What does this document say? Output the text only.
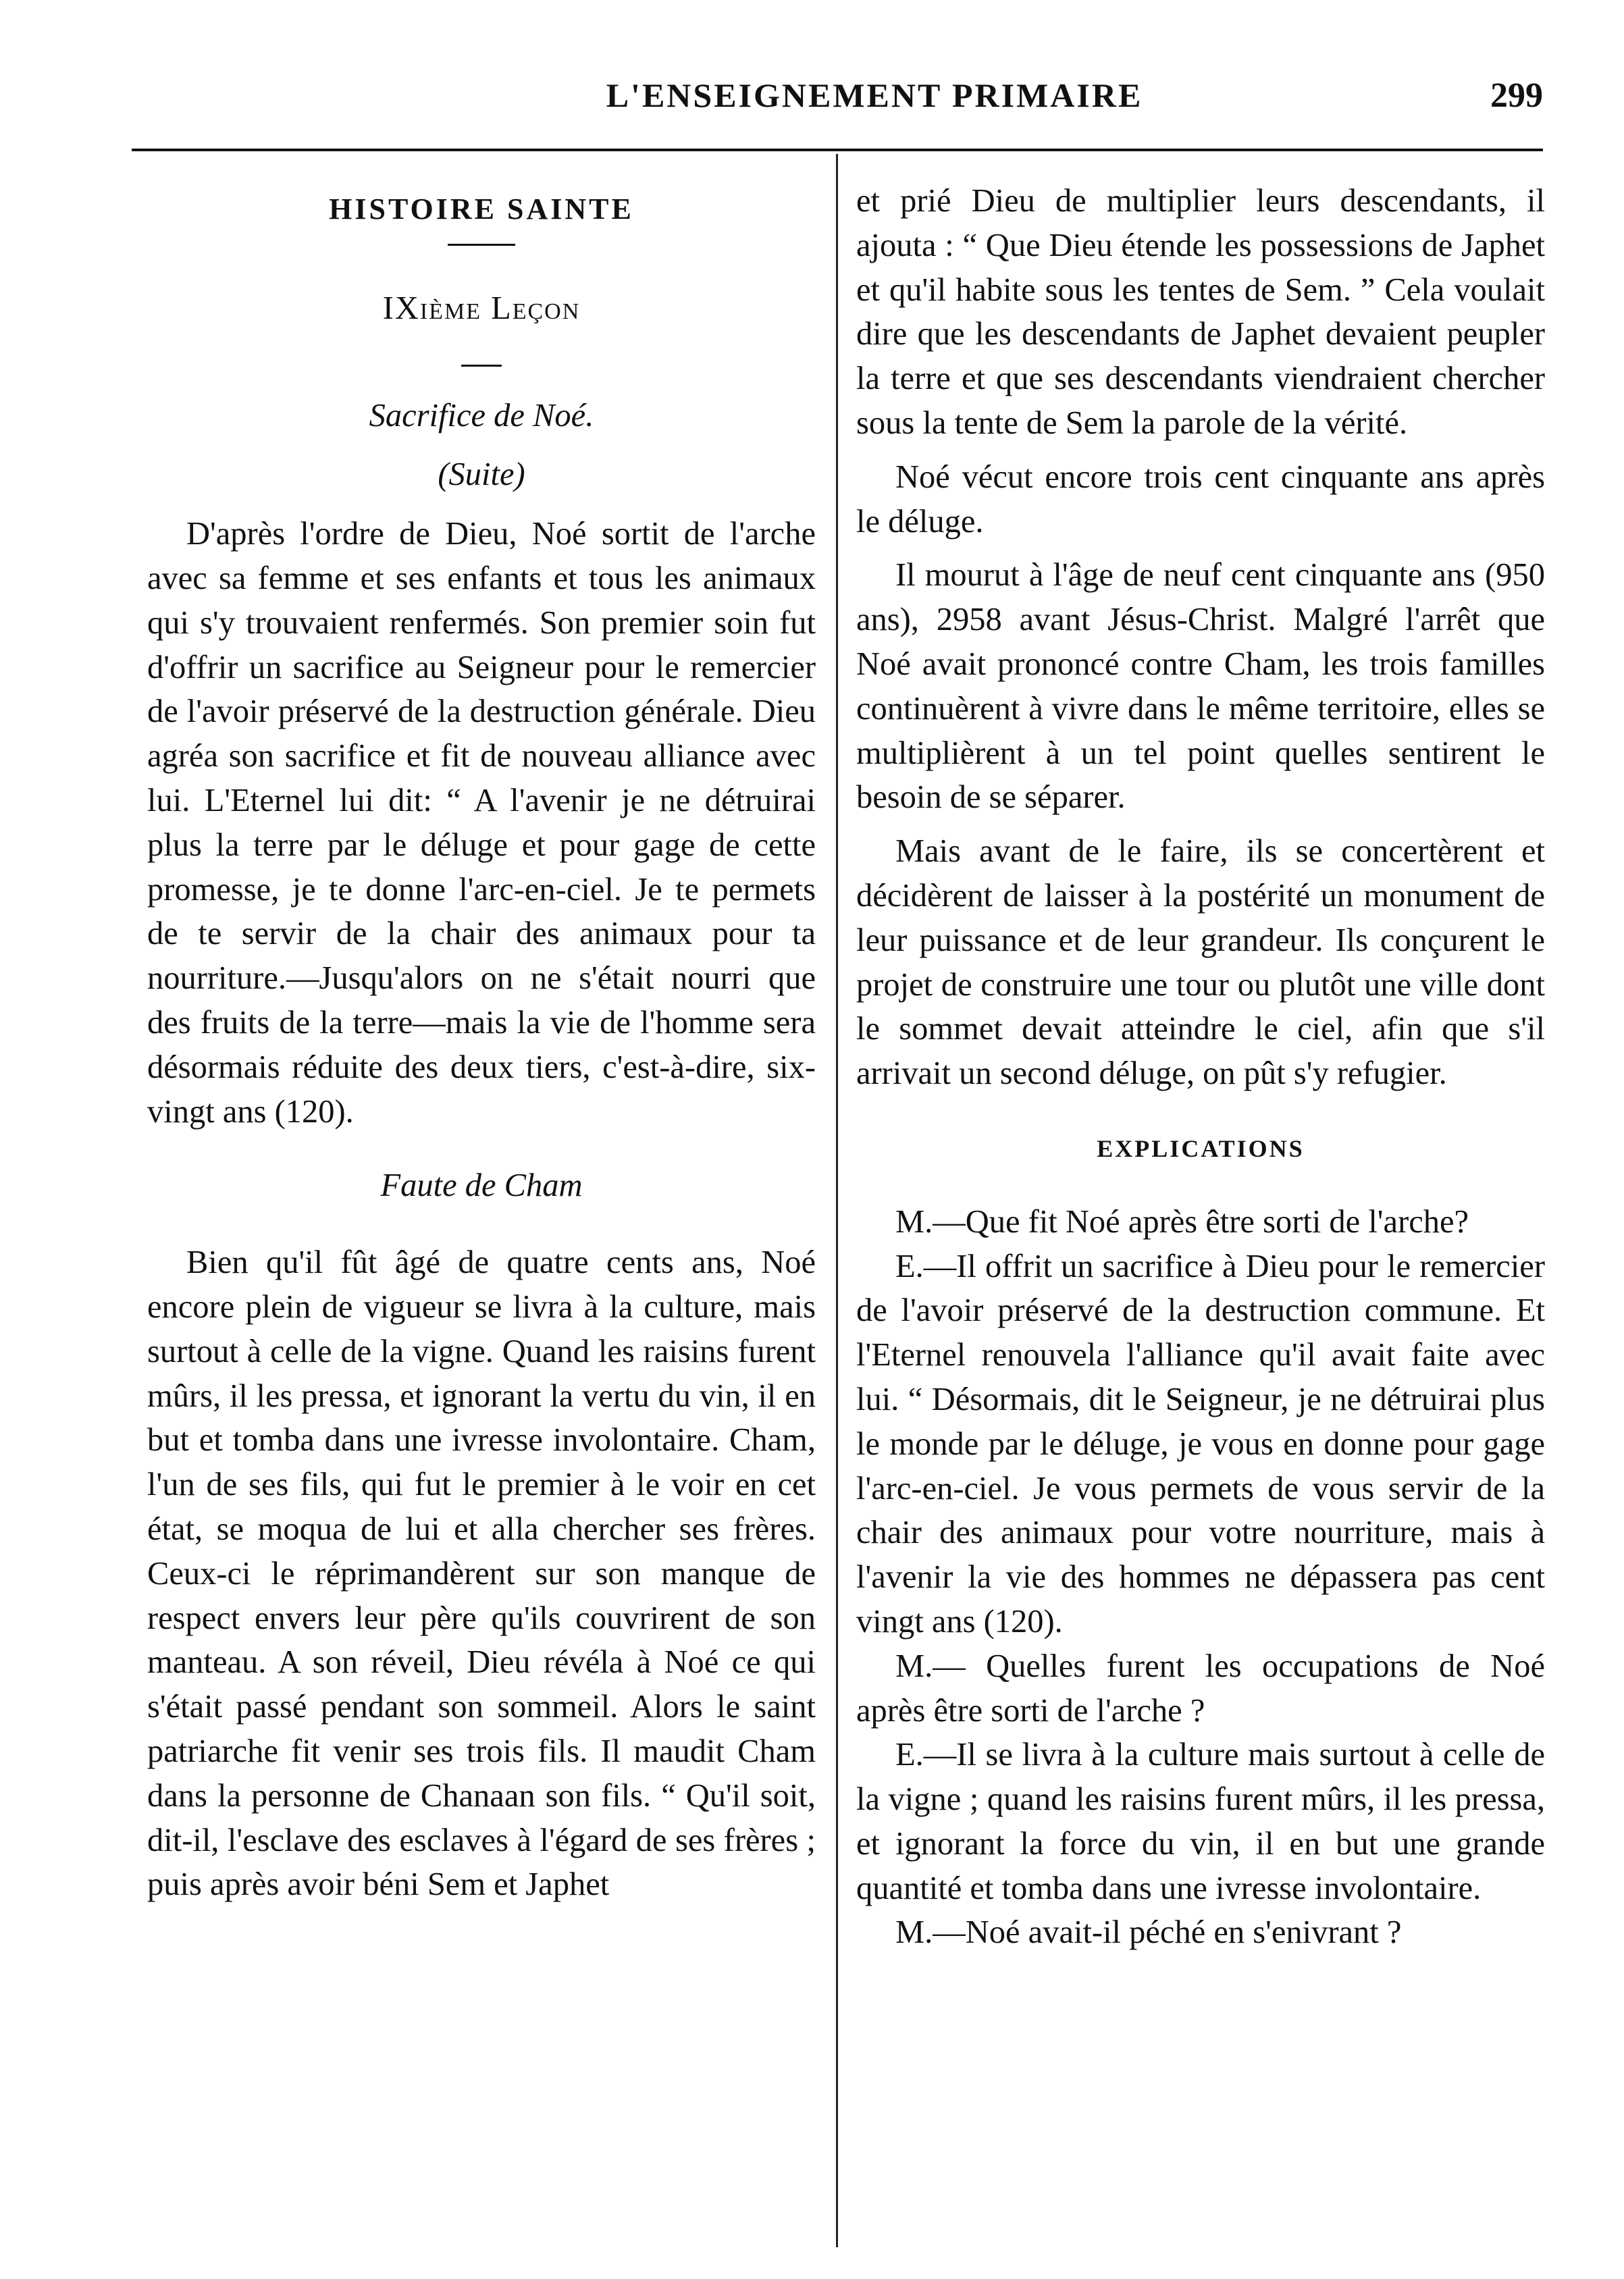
L'ENSEIGNEMENT PRIMAIRE	299

HISTOIRE SAINTE

IXième Leçon

Sacrifice de Noé.

(Suite)

D'après l'ordre de Dieu, Noé sortit de l'arche avec sa femme et ses enfants et tous les animaux qui s'y trouvaient renfermés. Son premier soin fut d'offrir un sacrifice au Seigneur pour le remercier de l'avoir préservé de la destruction générale. Dieu agréa son sacrifice et fit de nouveau alliance avec lui. L'Eternel lui dit: “ A l'avenir je ne détruirai plus la terre par le déluge et pour gage de cette promesse, je te donne l'arc-en-ciel. Je te permets de te servir de la chair des animaux pour ta nourriture.—Jusqu'alors on ne s'était nourri que des fruits de la terre—mais la vie de l'homme sera désormais réduite des deux tiers, c'est-à-dire, six-vingt ans (120).

Faute de Cham

Bien qu'il fût âgé de quatre cents ans, Noé encore plein de vigueur se livra à la culture, mais surtout à celle de la vigne. Quand les raisins furent mûrs, il les pressa, et ignorant la vertu du vin, il en but et tomba dans une ivresse involontaire. Cham, l'un de ses fils, qui fut le premier à le voir en cet état, se moqua de lui et alla chercher ses frères. Ceux-ci le réprimandèrent sur son manque de respect envers leur père qu'ils couvrirent de son manteau. A son réveil, Dieu révéla à Noé ce qui s'était passé pendant son sommeil. Alors le saint patriarche fit venir ses trois fils. Il maudit Cham dans la personne de Chanaan son fils. “ Qu'il soit, dit-il, l'esclave des esclaves à l'égard de ses frères ; puis après avoir béni Sem et Japhet

et prié Dieu de multiplier leurs descendants, il ajouta : “ Que Dieu étende les possessions de Japhet et qu'il habite sous les tentes de Sem. ” Cela voulait dire que les descendants de Japhet devaient peupler la terre et que ses descendants viendraient chercher sous la tente de Sem la parole de la vérité.

Noé vécut encore trois cent cinquante ans après le déluge.

Il mourut à l'âge de neuf cent cinquante ans (950 ans), 2958 avant Jésus-Christ. Malgré l'arrêt que Noé avait prononcé contre Cham, les trois familles continuèrent à vivre dans le même territoire, elles se multiplièrent à un tel point quelles sentirent le besoin de se séparer.

Mais avant de le faire, ils se concertèrent et décidèrent de laisser à la postérité un monument de leur puissance et de leur grandeur. Ils conçurent le projet de construire une tour ou plutôt une ville dont le sommet devait atteindre le ciel, afin que s'il arrivait un second déluge, on pût s'y refugier.

EXPLICATIONS

M.—Que fit Noé après être sorti de l'arche?

E.—Il offrit un sacrifice à Dieu pour le remercier de l'avoir préservé de la destruction commune. Et l'Eternel renouvela l'alliance qu'il avait faite avec lui. “ Désormais, dit le Seigneur, je ne détruirai plus le monde par le déluge, je vous en donne pour gage l'arc-en-ciel. Je vous permets de vous servir de la chair des animaux pour votre nourriture, mais à l'avenir la vie des hommes ne dépassera pas cent vingt ans (120).

M.— Quelles furent les occupations de Noé après être sorti de l'arche ?

E.—Il se livra à la culture mais surtout à celle de la vigne ; quand les raisins furent mûrs, il les pressa, et ignorant la force du vin, il en but une grande quantité et tomba dans une ivresse involontaire.

M.—Noé avait-il péché en s'enivrant ?
